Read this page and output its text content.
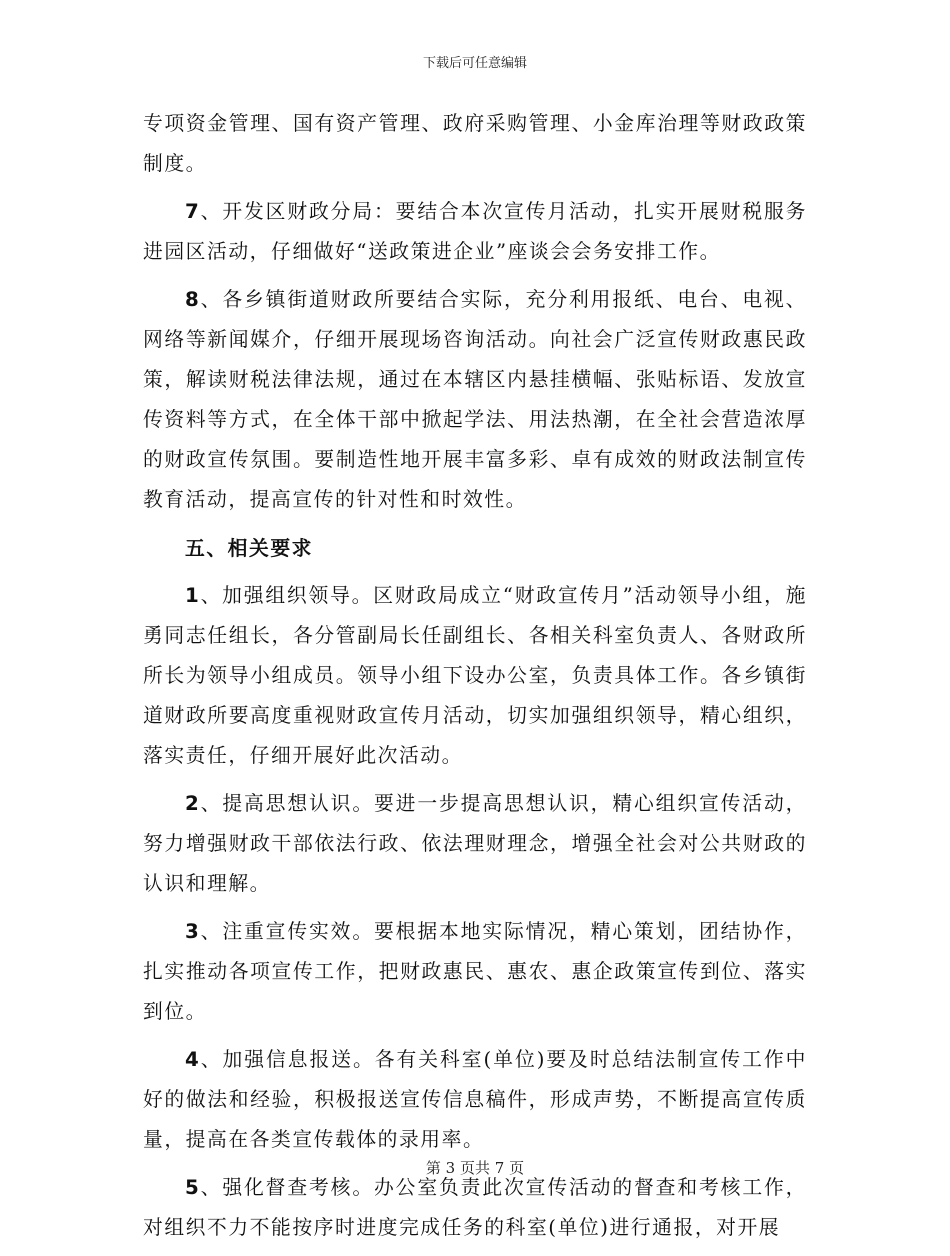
下载后可任意编辑

专项资金管理、国有资产管理、政府采购管理、小金库治理等财政政策制度。

7、开发区财政分局：要结合本次宣传月活动，扎实开展财税服务进园区活动，仔细做好“送政策进企业”座谈会会务安排工作。

8、各乡镇街道财政所要结合实际，充分利用报纸、电台、电视、网络等新闻媒介，仔细开展现场咨询活动。向社会广泛宣传财政惠民政策，解读财税法律法规，通过在本辖区内悬挂横幅、张贴标语、发放宣传资料等方式，在全体干部中掀起学法、用法热潮，在全社会营造浓厚的财政宣传氛围。要制造性地开展丰富多彩、卓有成效的财政法制宣传教育活动，提高宣传的针对性和时效性。

五、相关要求

1、加强组织领导。区财政局成立“财政宣传月”活动领导小组，施勇同志任组长，各分管副局长任副组长、各相关科室负责人、各财政所所长为领导小组成员。领导小组下设办公室，负责具体工作。各乡镇街道财政所要高度重视财政宣传月活动，切实加强组织领导，精心组织，落实责任，仔细开展好此次活动。

2、提高思想认识。要进一步提高思想认识，精心组织宣传活动，努力增强财政干部依法行政、依法理财理念，增强全社会对公共财政的认识和理解。

3、注重宣传实效。要根据本地实际情况，精心策划，团结协作，扎实推动各项宣传工作，把财政惠民、惠农、惠企政策宣传到位、落实到位。

4、加强信息报送。各有关科室(单位)要及时总结法制宣传工作中好的做法和经验，积极报送宣传信息稿件，形成声势，不断提高宣传质量，提高在各类宣传载体的录用率。

5、强化督查考核。办公室负责此次宣传活动的督查和考核工作，对组织不力不能按序时进度完成任务的科室(单位)进行通报，对开展

第 3 页共 7 页
